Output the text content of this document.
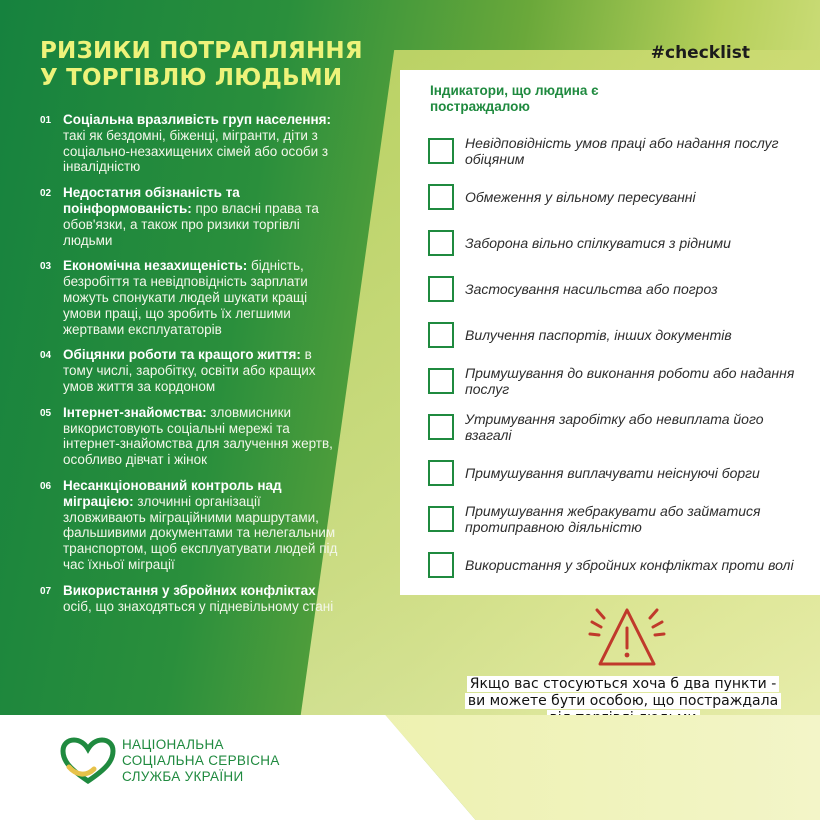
РИЗИКИ ПОТРАПЛЯННЯ
У ТОРГІВЛЮ ЛЮДЬМИ
#checklist
01 Соціальна вразливість груп населення: такі як бездомні, біженці, мігранти, діти з соціально-незахищених сімей або особи з інвалідністю
02 Недостатня обізнаність та поінформованість: про власні права та обов'язки, а також про ризики торгівлі людьми
03 Економічна незахищеність: бідність, безробіття та невідповідність зарплати можуть спонукати людей шукати кращі умови праці, що зробить їх легшими жертвами експлуататорів
04 Обіцянки роботи та кращого життя: в тому числі, заробітку, освіти або кращих умов життя за кордоном
05 Інтернет-знайомства: зловмисники використовують соціальні мережі та інтернет-знайомства для залучення жертв, особливо дівчат і жінок
06 Несанкціонований контроль над міграцією: злочинні організації зловживають міграційними маршрутами, фальшивими документами та нелегальним транспортом, щоб експлуатувати людей під час їхньої міграції
07 Використання у збройних конфліктах осіб, що знаходяться у підневільному стані
Індикатори, що людина є постраждалою
Невідповідність умов праці або надання послуг обіцяним
Обмеження у вільному пересуванні
Заборона вільно спілкуватися з рідними
Застосування насильства або погроз
Вилучення паспортів, інших документів
Примушування до виконання роботи або надання послуг
Утримування заробітку або невиплата його взагалі
Примушування виплачувати неіснуючі борги
Примушування жебракувати або займатися протиправною діяльністю
Використання у збройних конфліктах проти волі
Якщо вас стосуються хоча б два пункти - ви можете бути особою, що постраждала
НАЦІОНАЛЬНА
СОЦІАЛЬНА СЕРВІСНА
СЛУЖБА УКРАЇНИ
